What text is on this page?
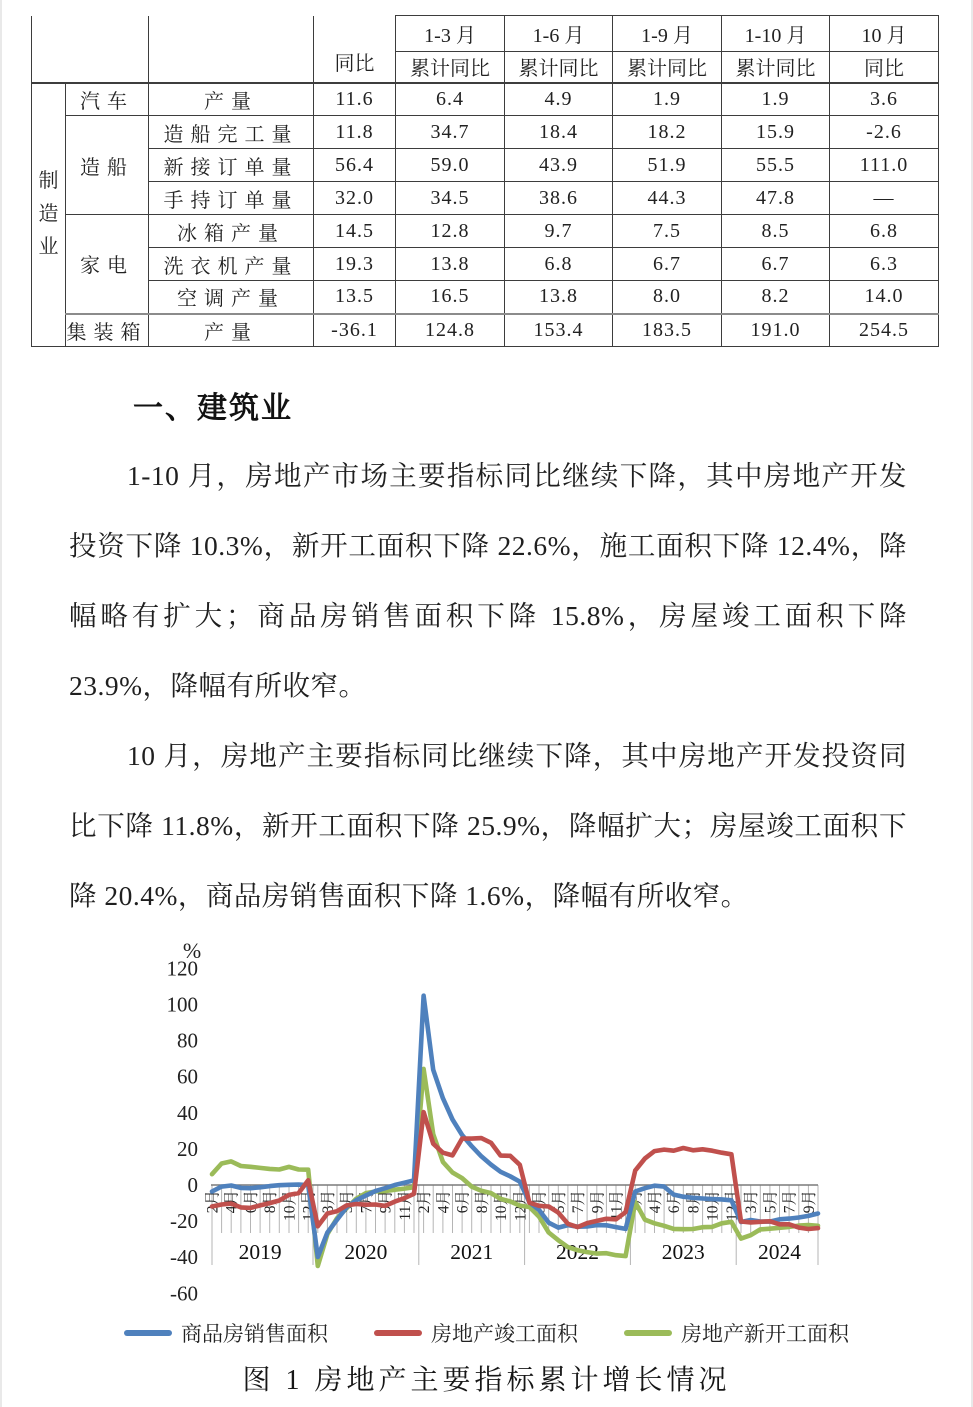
			同比	1-3 月	1-6 月	1-9 月	1-10 月	10 月
				累计同比	累计同比	累计同比	累计同比	同比
制造业	汽车	产量	11.6	6.4	4.9	1.9	1.9	3.6
	造船	造船完工量	11.8	34.7	18.4	18.2	15.9	-2.6
		新接订单量	56.4	59.0	43.9	51.9	55.5	111.0
		手持订单量	32.0	34.5	38.6	44.3	47.8	—
	家电	冰箱产量	14.5	12.8	9.7	7.5	8.5	6.8
		洗衣机产量	19.3	13.8	6.8	6.7	6.7	6.3
		空调产量	13.5	16.5	13.8	8.0	8.2	14.0
	集装箱	产量	-36.1	124.8	153.4	183.5	191.0	254.5
一、建筑业

1-10 月，房地产市场主要指标同比继续下降，其中房地产开发投资下降 10.3%，新开工面积下降 22.6%，施工面积下降 12.4%，降幅略有扩大；商品房销售面积下降 15.8%，房屋竣工面积下降 23.9%，降幅有所收窄。

10 月，房地产主要指标同比继续下降，其中房地产开发投资同比下降 11.8%，新开工面积下降 25.9%，降幅扩大；房屋竣工面积下降 20.4%，商品房销售面积下降 1.6%，降幅有所收窄。

120
100
80
60
40
20
0
-20
-40
-60
%
2月 4月 6月 8月 10月 12月 3月 5月 7月 9月 11月 2月 4月 6月 8月 10月 12月 3月 5月 7月 9月 11月 2月 4月 6月 8月 10月 12月 3月 5月 7月 9月
2019	2020	2021	2022	2023 2024
商品房销售面积	房地产竣工面积	房地产新开工面积
图 1 房地产主要指标累计增长情况
